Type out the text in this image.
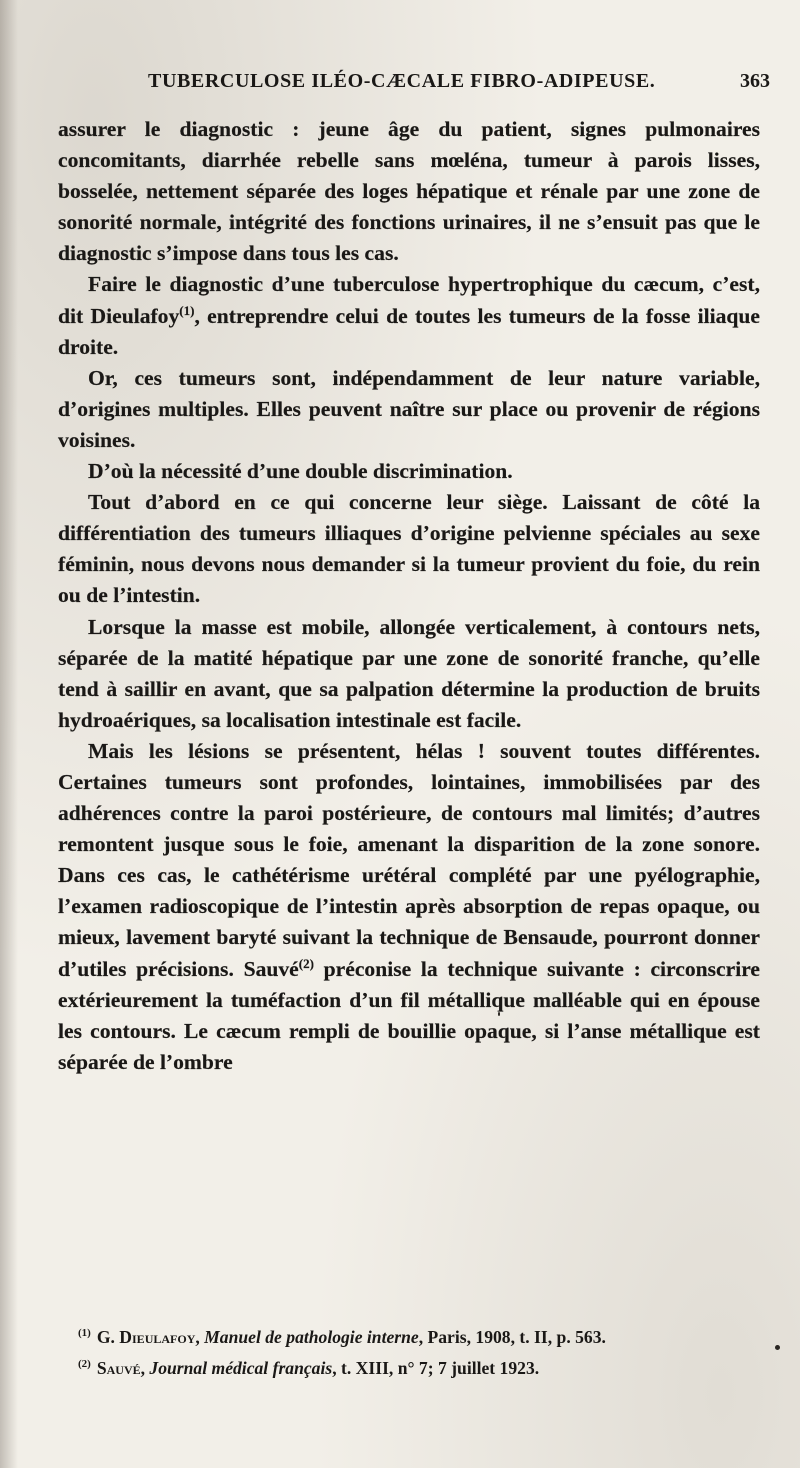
TUBERCULOSE ILÉO-CÆCALE FIBRO-ADIPEUSE.	363

assurer le diagnostic : jeune âge du patient, signes pulmonaires concomitants, diarrhée rebelle sans mœléna, tumeur à parois lisses, bosselée, nettement séparée des loges hépatique et rénale par une zone de sonorité normale, intégrité des fonctions urinaires, il ne s’ensuit pas que le diagnostic s’impose dans tous les cas.

Faire le diagnostic d’une tuberculose hypertrophique du cæcum, c’est, dit Dieulafoy$^{(1)}$, entreprendre celui de toutes les tumeurs de la fosse iliaque droite.

Or, ces tumeurs sont, indépendamment de leur nature variable, d’origines multiples. Elles peuvent naître sur place ou provenir de régions voisines.

D’où la nécessité d’une double discrimination.

Tout d’abord en ce qui concerne leur siège. Laissant de côté la différentiation des tumeurs illiaques d’origine pelvienne spéciales au sexe féminin, nous devons nous demander si la tumeur provient du foie, du rein ou de l’intestin.

Lorsque la masse est mobile, allongée verticalement, à contours nets, séparée de la matité hépatique par une zone de sonorité franche, qu’elle tend à saillir en avant, que sa palpation détermine la production de bruits hydroaériques, sa localisation intestinale est facile.

Mais les lésions se présentent, hélas ! souvent toutes différentes. Certaines tumeurs sont profondes, lointaines, immobilisées par des adhérences contre la paroi postérieure, de contours mal limités; d’autres remontent jusque sous le foie, amenant la disparition de la zone sonore. Dans ces cas, le cathétérisme urétéral complété par une pyélographie, l’examen radioscopique de l’intestin après absorption de repas opaque, ou mieux, lavement baryté suivant la technique de Bensaude, pourront donner d’utiles précisions. Sauvé$^{(2)}$ préconise la technique suivante : circonscrire extérieurement la tuméfaction d’un fil métallique malléable qui en épouse les contours. Le cæcum rempli de bouillie opaque, si l’anse métallique est séparée de l’ombre

$^{(1)}$ G. Dieulafoy, Manuel de pathologie interne, Paris, 1908, t. II, p. 563.
$^{(2)}$ Sauvé, Journal médical français, t. XIII, n° 7; 7 juillet 1923.
